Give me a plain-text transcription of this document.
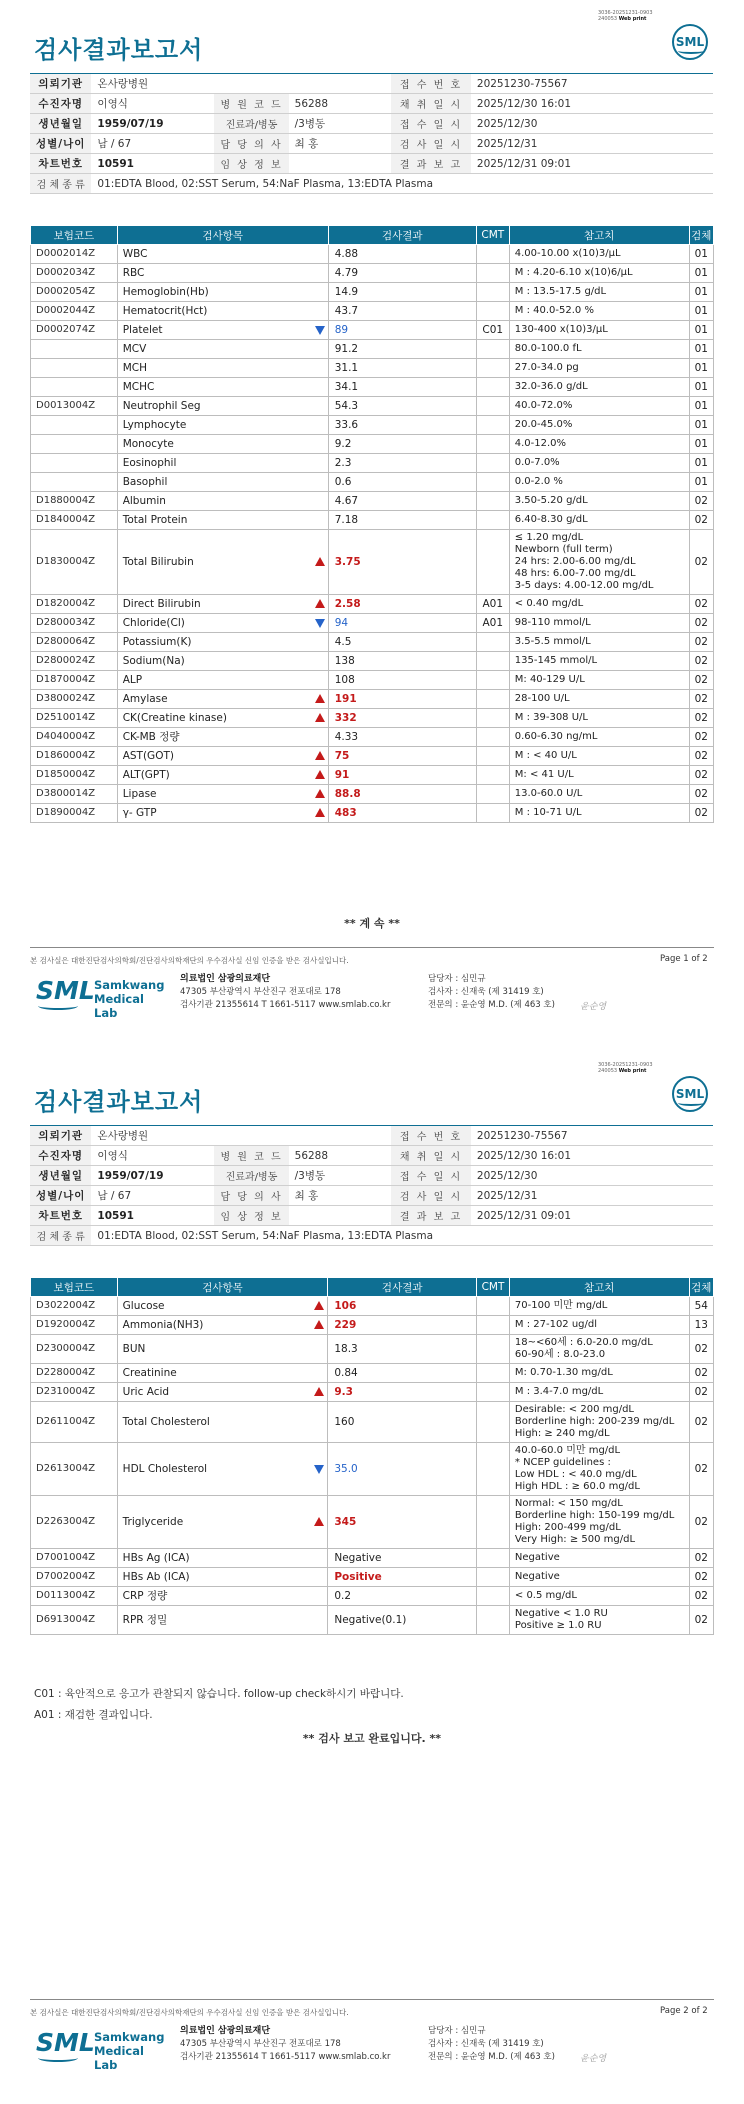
3036-20251231-0903
240053 Web print
검사결과보고서	SML
의뢰기관	온사랑병원			접 수 번 호	20251230-75567
수진자명	이영식	병 원 코 드	56288	채 취 일 시	2025/12/30 16:01
생년월일	1959/07/19	진료과/병동	/3병동	접 수 일 시	2025/12/30
성별/나이	남 / 67	담 당 의 사	최 홍	검 사 일 시	2025/12/31
차트번호	10591	임 상 정 보		결 과 보 고	2025/12/31 09:01
검 체 종 류	01:EDTA Blood, 02:SST Serum, 54:NaF Plasma, 13:EDTA Plasma				
보험코드	검사항목	검사결과	CMT	참고치	검체
D0002014Z	WBC	4.88		4.00-10.00 x(10)3/μL	01
D0002034Z	RBC	4.79		M : 4.20-6.10 x(10)6/μL	01
D0002054Z	Hemoglobin(Hb)	14.9		M : 13.5-17.5 g/dL	01
D0002044Z	Hematocrit(Hct)	43.7		M : 40.0-52.0 %	01
D0002074Z	Platelet	89	C01	130-400 x(10)3/μL	01
	MCV	91.2		80.0-100.0 fL	01
	MCH	31.1		27.0-34.0 pg	01
	MCHC	34.1		32.0-36.0 g/dL	01
D0013004Z	Neutrophil Seg	54.3		40.0-72.0%	01
	Lymphocyte	33.6		20.0-45.0%	01
	Monocyte	9.2		4.0-12.0%	01
	Eosinophil	2.3		0.0-7.0%	01
	Basophil	0.6		0.0-2.0 %	01
D1880004Z	Albumin	4.67		3.50-5.20 g/dL	02
D1840004Z	Total Protein	7.18		6.40-8.30 g/dL	02
D1830004Z	Total Bilirubin	3.75		≤ 1.20 mg/dL
Newborn (full term)
24 hrs: 2.00-6.00 mg/dL
48 hrs: 6.00-7.00 mg/dL
3-5 days: 4.00-12.00 mg/dL	02
D1820004Z	Direct Bilirubin	2.58	A01	< 0.40 mg/dL	02
D2800034Z	Chloride(Cl)	94	A01	98-110 mmol/L	02
D2800064Z	Potassium(K)	4.5		3.5-5.5 mmol/L	02
D2800024Z	Sodium(Na)	138		135-145 mmol/L	02
D1870004Z	ALP	108		M: 40-129 U/L	02
D3800024Z	Amylase	191		28-100 U/L	02
D2510014Z	CK(Creatine kinase)	332		M : 39-308 U/L	02
D4040004Z	CK-MB 정량	4.33		0.60-6.30 ng/mL	02
D1860004Z	AST(GOT)	75		M : < 40 U/L	02
D1850004Z	ALT(GPT)	91		M: < 41 U/L	02
D3800014Z	Lipase	88.8		13.0-60.0 U/L	02
D1890004Z	γ- GTP	483		M : 10-71 U/L	02
** 계 속 **
본 검사실은 대한진단검사의학회/진단검사의학재단의 우수검사실 신임 인증을 받은 검사실입니다.	Page 1 of 2
SML Samkwang
Medical Lab
의료법인 삼광의료재단
47305 부산광역시 부산진구 전포대로 178
검사기관 21355614 T 1661-5117 www.smlab.co.kr
담당자 : 심민규
검사자 : 신재욱 (제 31419 호)
전문의 : 윤순영 M.D. (제 463 호)	윤순영
3036-20251231-0903
240053 Web print
검사결과보고서	SML
의뢰기관	온사랑병원			접 수 번 호	20251230-75567
수진자명	이영식	병 원 코 드	56288	채 취 일 시	2025/12/30 16:01
생년월일	1959/07/19	진료과/병동	/3병동	접 수 일 시	2025/12/30
성별/나이	남 / 67	담 당 의 사	최 홍	검 사 일 시	2025/12/31
차트번호	10591	임 상 정 보		결 과 보 고	2025/12/31 09:01
검 체 종 류	01:EDTA Blood, 02:SST Serum, 54:NaF Plasma, 13:EDTA Plasma				
보험코드	검사항목	검사결과	CMT	참고치	검체
D3022004Z	Glucose	106		70-100 미만 mg/dL	54
D1920004Z	Ammonia(NH3)	229		M : 27-102 ug/dl	13
D2300004Z	BUN	18.3		18~<60세 : 6.0-20.0 mg/dL
60-90세 : 8.0-23.0	02
D2280004Z	Creatinine	0.84		M: 0.70-1.30 mg/dL	02
D2310004Z	Uric Acid	9.3		M : 3.4-7.0 mg/dL	02
D2611004Z	Total Cholesterol	160		Desirable: < 200 mg/dL
Borderline high: 200-239 mg/dL
High: ≥ 240 mg/dL	02
D2613004Z	HDL Cholesterol	35.0		40.0-60.0 미만 mg/dL
* NCEP guidelines :
Low HDL : < 40.0 mg/dL
High HDL : ≥ 60.0 mg/dL	02
D2263004Z	Triglyceride	345		Normal: < 150 mg/dL
Borderline high: 150-199 mg/dL
High: 200-499 mg/dL
Very High: ≥ 500 mg/dL	02
D7001004Z	HBs Ag (ICA)	Negative		Negative	02
D7002004Z	HBs Ab (ICA)	Positive		Negative	02
D0113004Z	CRP 정량	0.2		< 0.5 mg/dL	02
D6913004Z	RPR 정밀	Negative(0.1)		Negative < 1.0 RU
Positive ≥ 1.0 RU	02
C01 : 육안적으로 응고가 관찰되지 않습니다. follow-up check하시기 바랍니다.
A01 : 재검한 결과입니다.
** 검사 보고 완료입니다. **
본 검사실은 대한진단검사의학회/진단검사의학재단의 우수검사실 신임 인증을 받은 검사실입니다.	Page 2 of 2
SML Samkwang
Medical Lab
의료법인 삼광의료재단
47305 부산광역시 부산진구 전포대로 178
검사기관 21355614 T 1661-5117 www.smlab.co.kr
담당자 : 심민규
검사자 : 신재욱 (제 31419 호)
전문의 : 윤순영 M.D. (제 463 호)	윤순영
